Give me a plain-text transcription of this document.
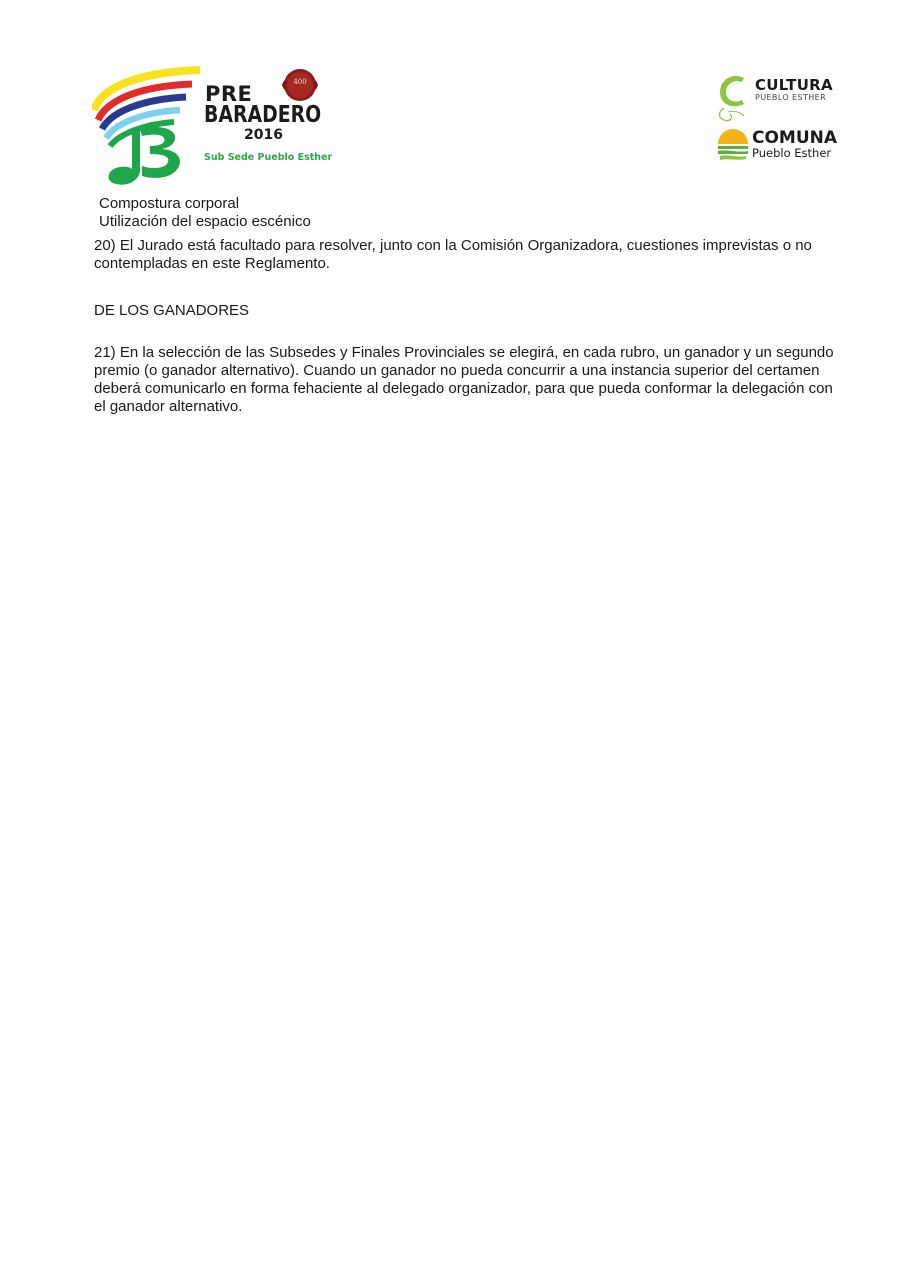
400
PRE
BARADERO
2016
Sub Sede Pueblo Esther
CULTURA
PUEBLO ESTHER
COMUNA
Pueblo Esther
Compostura corporal
Utilización del espacio escénico
20) El Jurado está facultado para resolver, junto con la Comisión Organizadora, cuestiones imprevistas o no contempladas en este Reglamento.
DE LOS GANADORES
21) En la selección de las Subsedes y Finales Provinciales se elegirá, en cada rubro, un ganador y un segundo premio (o ganador alternativo). Cuando un ganador no pueda concurrir a una instancia superior del certamen deberá comunicarlo en forma fehaciente al delegado organizador, para que pueda conformar la delegación con el ganador alternativo.
